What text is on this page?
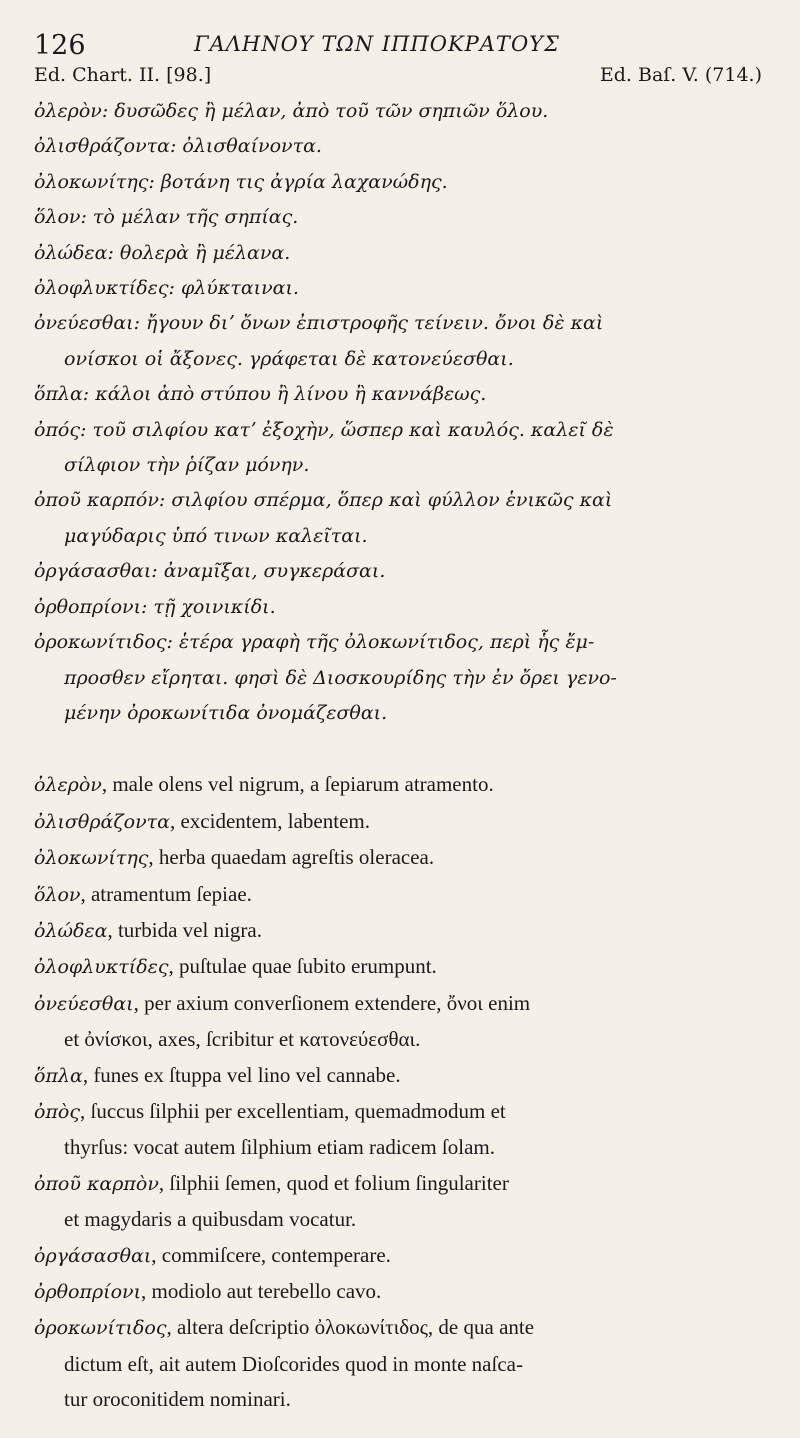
126	ΓΑΛΗΝΟΥ ΤΩΝ ΙΠΠΟΚΡΑΤΟΥΣ
Ed. Chart. II. [98.]	Ed. Baſ. V. (714.)
ὀλερὸν: δυσῶδες ἢ μέλαν, ἀπὸ τοῦ τῶν σηπιῶν ὅλου.
ὀλισθράζοντα: ὀλισθαίνοντα.
ὀλοκωνίτης: βοτάνη τις ἀγρία λαχανώδης.
ὅλον: τὸ μέλαν τῆς σηπίας.
ὀλώδεα: θολερὰ ἢ μέλανα.
ὀλοφλυκτίδες: φλύκταιναι.
ὀνεύεσθαι: ἤγουν διʼ ὄνων ἐπιστροφῆς τείνειν. ὄνοι δὲ καὶ
ονίσκοι οἱ ἄξονες. γράφεται δὲ κατονεύεσθαι.
ὅπλα: κάλοι ἀπὸ στύπου ἢ λίνου ἢ καννάβεως.
ὀπός: τοῦ σιλφίου κατʼ ἐξοχὴν, ὥσπερ καὶ καυλός. καλεῖ δὲ
σίλφιον τὴν ῥίζαν μόνην.
ὀποῦ καρπόν: σιλφίου σπέρμα, ὅπερ καὶ φύλλον ἑνικῶς καὶ
μαγύδαρις ὑπό τινων καλεῖται.
ὀργάσασθαι: ἀναμῖξαι, συγκεράσαι.
ὀρθοπρίονι: τῇ χοινικίδι.
ὀροκωνίτιδος: ἑτέρα γραφὴ τῆς ὀλοκωνίτιδος, περὶ ἧς ἔμ-
προσθεν εἴρηται. φησὶ δὲ Διοσκουρίδης τὴν ἐν ὄρει γενο-
μένην ὀροκωνίτιδα ὀνομάζεσθαι.
ὀλερὸν, male olens vel nigrum, a ſepiarum atramento.
ὀλισθράζοντα, excidentem, labentem.
ὀλοκωνίτης, herba quaedam agreſtis oleracea.
ὅλον, atramentum ſepiae.
ὀλώδεα, turbida vel nigra.
ὀλοφλυκτίδες, puſtulae quae ſubito erumpunt.
ὀνεύεσθαι, per axium converſionem extendere, ὄνοι enim
et ὀνίσκοι, axes, ſcribitur et κατονεύεσθαι.
ὅπλα, funes ex ſtuppa vel lino vel cannabe.
ὀπὸς, ſuccus ſilphii per excellentiam, quemadmodum et
thyrſus: vocat autem ſilphium etiam radicem ſolam.
ὀποῦ καρπὸν, ſilphii ſemen, quod et folium ſingulariter
et magydaris a quibusdam vocatur.
ὀργάσασθαι, commiſcere, contemperare.
ὀρθοπρίονι, modiolo aut terebello cavo.
ὀροκωνίτιδος, altera deſcriptio ὀλοκωνίτιδος, de qua ante
dictum eſt, ait autem Dioſcorides quod in monte naſca-
tur oroconitidem nominari.
